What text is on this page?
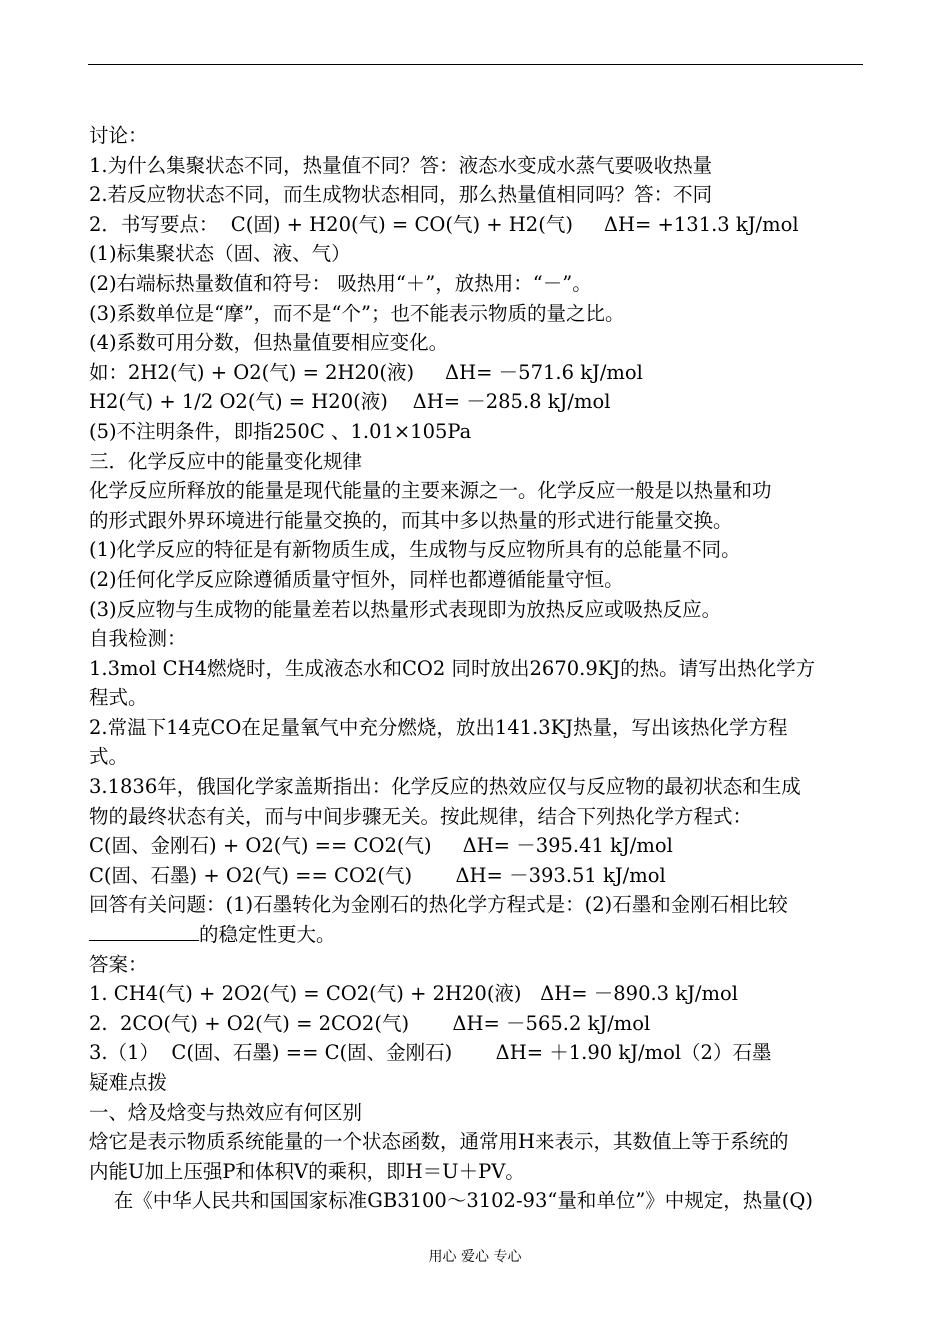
讨论：
1.为什么集聚状态不同，热量值不同？答：液态水变成水蒸气要吸收热量
2.若反应物状态不同，而生成物状态相同，那么热量值相同吗？答：不同
2．书写要点：  C(固) + H20(气) = CO(气) + H2(气)     ΔH= +131.3 kJ/mol
(1)标集聚状态（固、液、气）
(2)右端标热量数值和符号： 吸热用“＋”，放热用：“－”。
(3)系数单位是“摩”，而不是“个”；也不能表示物质的量之比。
(4)系数可用分数，但热量值要相应变化。
如：2H2(气) + O2(气) = 2H20(液)     ΔH= －571.6 kJ/mol
H2(气) + 1/2 O2(气) = H20(液)    ΔH= －285.8 kJ/mol
(5)不注明条件，即指250C 、1.01×105Pa
三．化学反应中的能量变化规律
化学反应所释放的能量是现代能量的主要来源之一。化学反应一般是以热量和功
的形式跟外界环境进行能量交换的，而其中多以热量的形式进行能量交换。
(1)化学反应的特征是有新物质生成，生成物与反应物所具有的总能量不同。
(2)任何化学反应除遵循质量守恒外，同样也都遵循能量守恒。
(3)反应物与生成物的能量差若以热量形式表现即为放热反应或吸热反应。
自我检测：
1.3mol CH4燃烧时，生成液态水和CO2 同时放出2670.9KJ的热。请写出热化学方
程式。
2.常温下14克CO在足量氧气中充分燃烧，放出141.3KJ热量，写出该热化学方程
式。
3.1836年，俄国化学家盖斯指出：化学反应的热效应仅与反应物的最初状态和生成
物的最终状态有关，而与中间步骤无关。按此规律，结合下列热化学方程式：
C(固、金刚石) + O2(气) == CO2(气)     ΔH= －395.41 kJ/mol
C(固、石墨) + O2(气) == CO2(气)       ΔH= －393.51 kJ/mol
回答有关问题：(1)石墨转化为金刚石的热化学方程式是：(2)石墨和金刚石相比较
的稳定性更大。
答案：
1. CH4(气) + 2O2(气) = CO2(气) + 2H20(液)   ΔH= －890.3 kJ/mol
2.  2CO(气) + O2(气) = 2CO2(气)       ΔH= －565.2 kJ/mol
3.（1）  C(固、石墨) == C(固、金刚石)       ΔH= ＋1.90 kJ/mol（2）石墨
疑难点拨
一、焓及焓变与热效应有何区别
焓它是表示物质系统能量的一个状态函数，通常用H来表示，其数值上等于系统的
内能U加上压强P和体积V的乘积，即H＝U＋PV。
在《中华人民共和国国家标准GB3100～3102-93“量和单位”》中规定，热量(Q)
用心 爱心 专心
